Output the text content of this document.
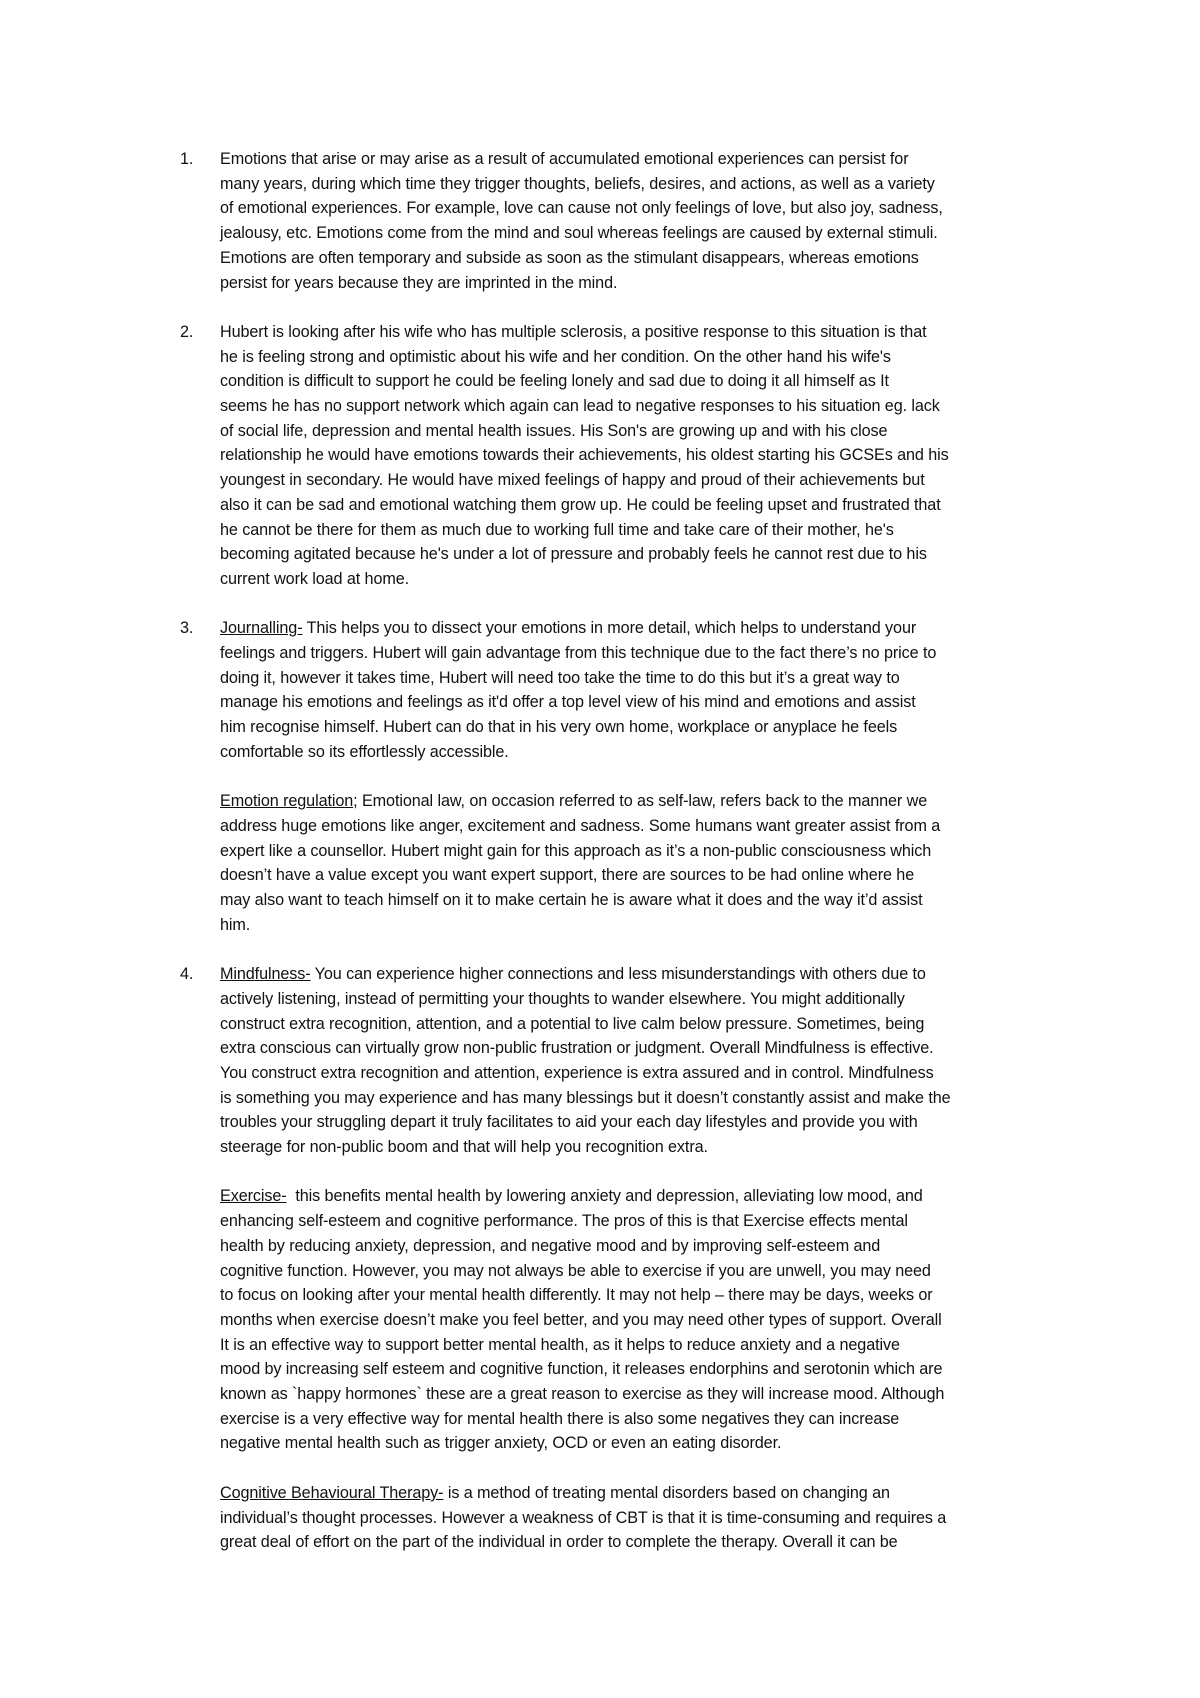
1.	Emotions that arise or may arise as a result of accumulated emotional experiences can persist for
many years, during which time they trigger thoughts, beliefs, desires, and actions, as well as a variety
of emotional experiences. For example, love can cause not only feelings of love, but also joy, sadness,
jealousy, etc. Emotions come from the mind and soul whereas feelings are caused by external stimuli.
Emotions are often temporary and subside as soon as the stimulant disappears, whereas emotions
persist for years because they are imprinted in the mind.
2.	Hubert is looking after his wife who has multiple sclerosis, a positive response to this situation is that
he is feeling strong and optimistic about his wife and her condition. On the other hand his wife's
condition is difficult to support he could be feeling lonely and sad due to doing it all himself as It
seems he has no support network which again can lead to negative responses to his situation eg. lack
of social life, depression and mental health issues. His Son's are growing up and with his close
relationship he would have emotions towards their achievements, his oldest starting his GCSEs and his
youngest in secondary. He would have mixed feelings of happy and proud of their achievements but
also it can be sad and emotional watching them grow up. He could be feeling upset and frustrated that
he cannot be there for them as much due to working full time and take care of their mother, he's
becoming agitated because he's under a lot of pressure and probably feels he cannot rest due to his
current work load at home.
3.	Journalling- This helps you to dissect your emotions in more detail, which helps to understand your
feelings and triggers. Hubert will gain advantage from this technique due to the fact there’s no price to
doing it, however it takes time, Hubert will need too take the time to do this but it’s a great way to
manage his emotions and feelings as it'd offer a top level view of his mind and emotions and assist
him recognise himself. Hubert can do that in his very own home, workplace or anyplace he feels
comfortable so its effortlessly accessible.
Emotion regulation; Emotional law, on occasion referred to as self-law, refers back to the manner we
address huge emotions like anger, excitement and sadness. Some humans want greater assist from a
expert like a counsellor. Hubert might gain for this approach as it’s a non-public consciousness which
doesn’t have a value except you want expert support, there are sources to be had online where he
may also want to teach himself on it to make certain he is aware what it does and the way it’d assist
him.
4.	Mindfulness- You can experience higher connections and less misunderstandings with others due to
actively listening, instead of permitting your thoughts to wander elsewhere. You might additionally
construct extra recognition, attention, and a potential to live calm below pressure. Sometimes, being
extra conscious can virtually grow non-public frustration or judgment. Overall Mindfulness is effective.
You construct extra recognition and attention, experience is extra assured and in control. Mindfulness
is something you may experience and has many blessings but it doesn’t constantly assist and make the
troubles your struggling depart it truly facilitates to aid your each day lifestyles and provide you with
steerage for non-public boom and that will help you recognition extra.
Exercise-  this benefits mental health by lowering anxiety and depression, alleviating low mood, and
enhancing self-esteem and cognitive performance. The pros of this is that Exercise effects mental
health by reducing anxiety, depression, and negative mood and by improving self-esteem and
cognitive function. However, you may not always be able to exercise if you are unwell, you may need
to focus on looking after your mental health differently. It may not help – there may be days, weeks or
months when exercise doesn’t make you feel better, and you may need other types of support. Overall
It is an effective way to support better mental health, as it helps to reduce anxiety and a negative
mood by increasing self esteem and cognitive function, it releases endorphins and serotonin which are
known as `happy hormones` these are a great reason to exercise as they will increase mood. Although
exercise is a very effective way for mental health there is also some negatives they can increase
negative mental health such as trigger anxiety, OCD or even an eating disorder.
Cognitive Behavioural Therapy- is a method of treating mental disorders based on changing an
individual’s thought processes. However a weakness of CBT is that it is time-consuming and requires a
great deal of effort on the part of the individual in order to complete the therapy. Overall it can be
